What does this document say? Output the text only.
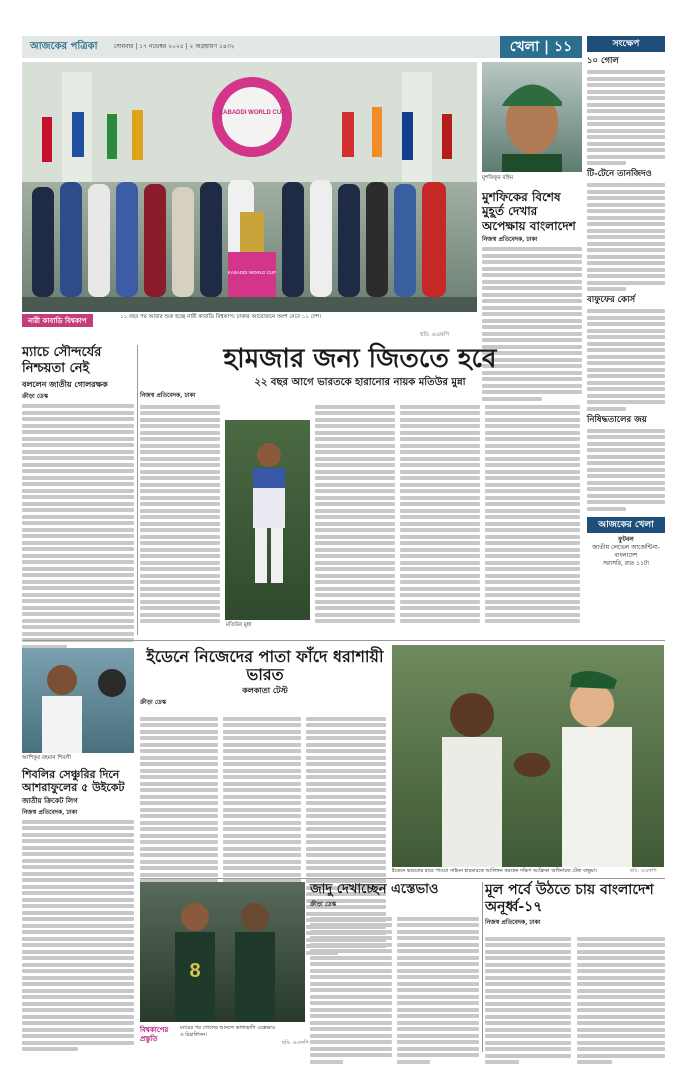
আজকের পত্রিকা	সোমবার | ১৭ নভেম্বর ২০২৫ | ২ অগ্রহায়ণ ১৪৩২	খেলা | ১১
KABADDI WORLD CUP
KABADDI WORLD CUP
নারী কাবাডি বিশ্বকাপ	১১ বছর পর আবার শুরু হচ্ছে নারী কাবাডি বিশ্বকাপ। ঢাকার আয়োজনে অংশ নেবে ১১ দেশ।
ছবি: এএফপি
মুশফিকুর রহিম
মুশফিকের বিশেষ মুহূর্ত দেখার অপেক্ষায় বাংলাদেশ
নিজস্ব প্রতিবেদক, ঢাকা
সংক্ষেপ
১০ গোল
টি-টেনে তানজিদও
বাফুফের কোর্স
নিষিদ্ধতালের জয়
আজকের খেলা
ফুটবল
জাতীয় লেভেল আর্জেন্টিনা-বাংলাদেশ
সরাসরি, রাত ১১টা
ম্যাচে সৌন্দর্যের নিশ্চয়তা নেই
বললেন জাতীয় গোলরক্ষক
ক্রীড়া ডেস্ক
হামজার জন্য জিততে হবে
২২ বছর আগে ভারতকে হারানোর নায়ক মতিউর মুন্না
নিজস্ব প্রতিবেদক, ঢাকা
মতিউর মুন্না
ইডেনে নিজেদের পাতা ফাঁদে ধরাশায়ী ভারত
কলকাতা টেস্ট
ক্রীড়া ডেস্ক
ইডেনে ভারতের হারে পাওয়া সাইমন হারমারকে আলিঙ্গন করছেন দক্ষিণ আফ্রিকা অধিনায়ক টেম্বা বাভুমা।	ছবি: এএফপি
আশিকুর রহমান শিবলী
শিবলির সেঞ্চুরির দিনে আশরাফুলের ৫ উইকেট
জাতীয় ক্রিকেট লিগ
নিজস্ব প্রতিবেদক, ঢাকা
8
বিশ্বকাপের প্রস্তুতি
ম্যাচের পর গোলের আনন্দে ভাগাভাগি এস্তেভাও ও রিচার্লিসন।
ছবি: এএফপি
জাদু দেখাচ্ছেন এস্তেভাও
ক্রীড়া ডেস্ক
মূল পর্বে উঠতে চায় বাংলাদেশ অনূর্ধ্ব-১৭
নিজস্ব প্রতিবেদক, ঢাকা
